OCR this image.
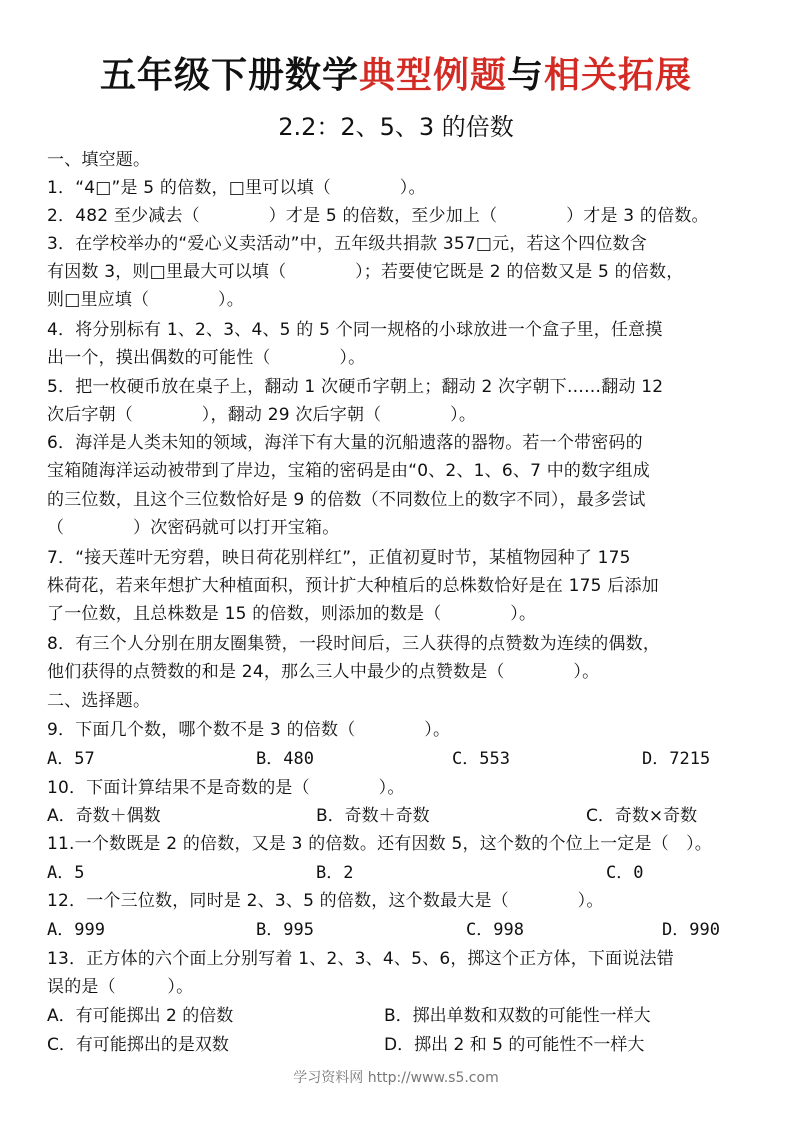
五年级下册数学典型例题与相关拓展
2.2：2、5、3 的倍数
一、填空题。
1．“4□”是 5 的倍数，□里可以填（　　　　）。
2．482 至少减去（　　　　）才是 5 的倍数，至少加上（　　　　）才是 3 的倍数。
3．在学校举办的“爱心义卖活动”中，五年级共捐款 357□元，若这个四位数含
有因数 3，则□里最大可以填（　　　　）；若要使它既是 2 的倍数又是 5 的倍数，
则□里应填（　　　　）。
4．将分别标有 1、2、3、4、5 的 5 个同一规格的小球放进一个盒子里，任意摸
出一个，摸出偶数的可能性（　　　　）。
5．把一枚硬币放在桌子上，翻动 1 次硬币字朝上；翻动 2 次字朝下……翻动 12
次后字朝（　　　　），翻动 29 次后字朝（　　　　）。
6．海洋是人类未知的领域，海洋下有大量的沉船遗落的器物。若一个带密码的
宝箱随海洋运动被带到了岸边，宝箱的密码是由“0、2、1、6、7 中的数字组成
的三位数，且这个三位数恰好是 9 的倍数（不同数位上的数字不同），最多尝试
（　　　　）次密码就可以打开宝箱。
7．“接天莲叶无穷碧，映日荷花别样红”，正值初夏时节，某植物园种了 175
株荷花，若来年想扩大种植面积，预计扩大种植后的总株数恰好是在 175 后添加
了一位数，且总株数是 15 的倍数，则添加的数是（　　　　）。
8．有三个人分别在朋友圈集赞，一段时间后，三人获得的点赞数为连续的偶数，
他们获得的点赞数的和是 24，那么三人中最少的点赞数是（　　　　）。
二、选择题。
9．下面几个数，哪个数不是 3 的倍数（　　　　）。
A．57	B．480	C．553	D．7215
10．下面计算结果不是奇数的是（　　　　）。
A．奇数＋偶数	B．奇数＋奇数	C．奇数×奇数
11.一个数既是 2 的倍数，又是 3 的倍数。还有因数 5，这个数的个位上一定是（　）。
A．5	B．2	C．0
12．一个三位数，同时是 2、3、5 的倍数，这个数最大是（　　　　）。
A．999	B．995	C．998	D．990
13．正方体的六个面上分别写着 1、2、3、4、5、6，掷这个正方体，下面说法错
误的是（　　　）。
A．有可能掷出 2 的倍数	B．掷出单数和双数的可能性一样大
C．有可能掷出的是双数	D．掷出 2 和 5 的可能性不一样大
学习资料网 http://www.s5.com
